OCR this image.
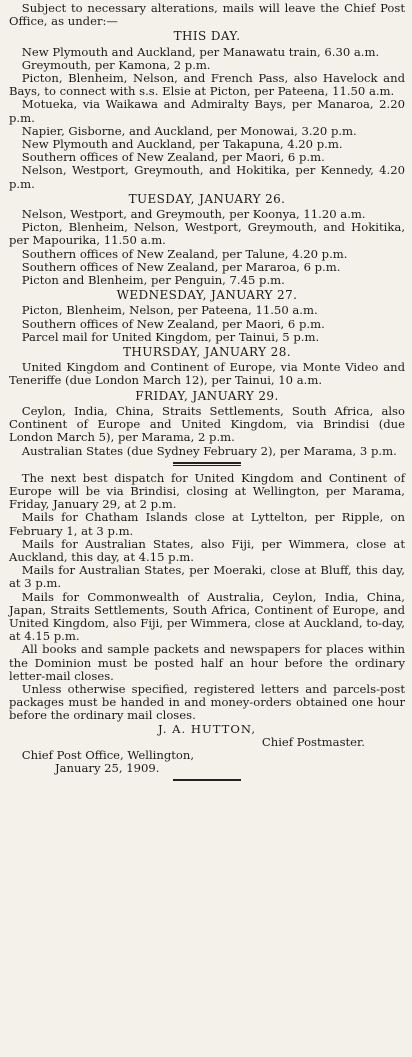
Subject to necessary alterations, mails will leave the Chief Post Office, as under:—

THIS DAY.

New Plymouth and Auckland, per Manawatu train, 6.30 a.m.

Greymouth, per Kamona, 2 p.m.

Picton, Blenheim, Nelson, and French Pass, also Havelock and Bays, to connect with s.s. Elsie at Picton, per Pateena, 11.50 a.m.

Motueka, via Waikawa and Admiralty Bays, per Manaroa, 2.20 p.m.

Napier, Gisborne, and Auckland, per Monowai, 3.20 p.m.

New Plymouth and Auckland, per Takapuna, 4.20 p.m.

Southern offices of New Zealand, per Maori, 6 p.m.

Nelson, Westport, Greymouth, and Hokitika, per Kennedy, 4.20 p.m.

TUESDAY, JANUARY 26.

Nelson, Westport, and Greymouth, per Koonya, 11.20 a.m.

Picton, Blenheim, Nelson, Westport, Greymouth, and Hokitika, per Mapourika, 11.50 a.m.

Southern offices of New Zealand, per Talune, 4.20 p.m.

Southern offices of New Zealand, per Mararoa, 6 p.m.

Picton and Blenheim, per Penguin, 7.45 p.m.

WEDNESDAY, JANUARY 27.

Picton, Blenheim, Nelson, per Pateena, 11.50 a.m.

Southern offices of New Zealand, per Maori, 6 p.m.

Parcel mail for United Kingdom, per Tainui, 5 p.m.

THURSDAY, JANUARY 28.

United Kingdom and Continent of Europe, via Monte Video and Teneriffe (due London March 12), per Tainui, 10 a.m.

FRIDAY, JANUARY 29.

Ceylon, India, China, Straits Settlements, South Africa, also Continent of Europe and United Kingdom, via Brindisi (due London March 5), per Marama, 2 p.m.

Australian States (due Sydney February 2), per Marama, 3 p.m.

The next best dispatch for United Kingdom and Continent of Europe will be via Brindisi, closing at Wellington, per Marama, Friday, January 29, at 2 p.m.

Mails for Chatham Islands close at Lyttelton, per Ripple, on February 1, at 3 p.m.

Mails for Australian States, also Fiji, per Wimmera, close at Auckland, this day, at 4.15 p.m.

Mails for Australian States, per Moeraki, close at Bluff, this day, at 3 p.m.

Mails for Commonwealth of Australia, Ceylon, India, China, Japan, Straits Settlements, South Africa, Continent of Europe, and United Kingdom, also Fiji, per Wimmera, close at Auckland, to-day, at 4.15 p.m.

All books and sample packets and newspapers for places within the Dominion must be posted half an hour before the ordinary letter-mail closes.

Unless otherwise specified, registered letters and parcels-post packages must be handed in and money-orders obtained one hour before the ordinary mail closes.

J. A. HUTTON,

Chief Postmaster.

Chief Post Office, Wellington,

January 25, 1909.
